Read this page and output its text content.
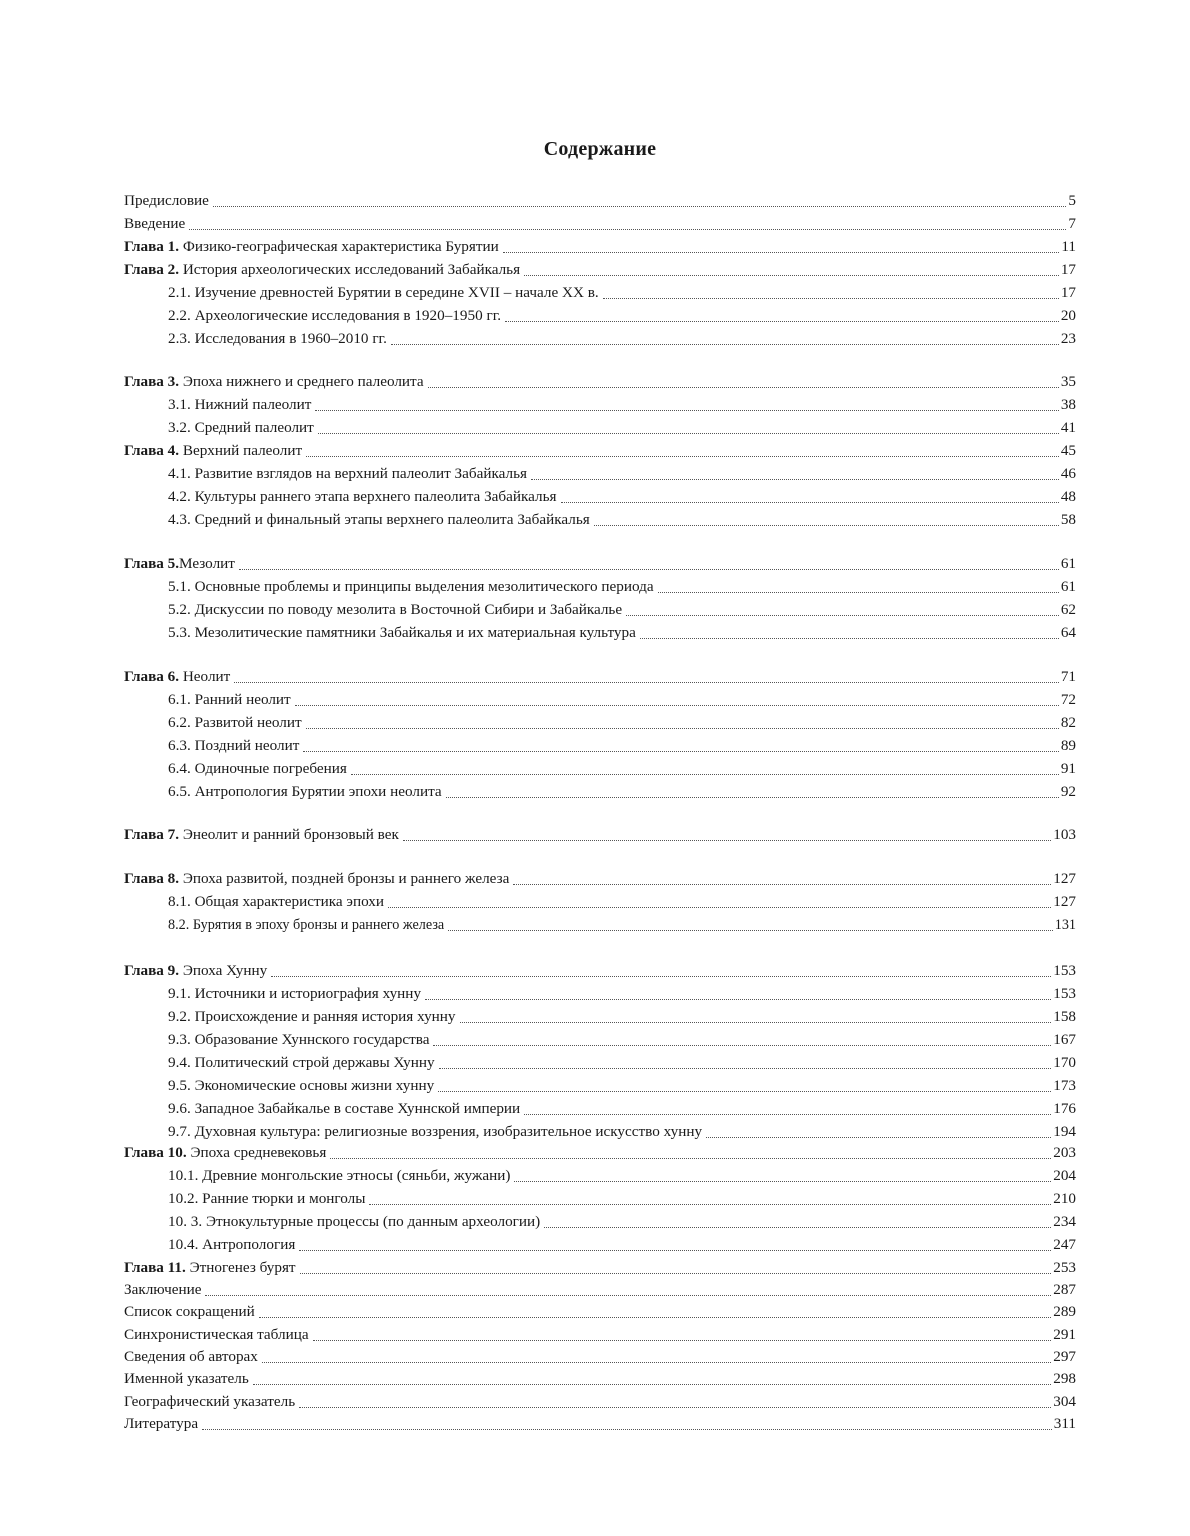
Содержание
Предисловие	5
Введение	7
Глава 1. Физико-географическая характеристика Бурятии	11
Глава 2. История археологических исследований Забайкалья	17
2.1. Изучение древностей Бурятии в середине XVII – начале XX в.	17
2.2. Археологические исследования в 1920–1950 гг.	20
2.3. Исследования в 1960–2010 гг.	23
Глава 3. Эпоха нижнего и среднего палеолита	35
3.1. Нижний палеолит	38
3.2. Средний палеолит	41
Глава 4. Верхний палеолит	45
4.1. Развитие взглядов на верхний палеолит Забайкалья	46
4.2. Культуры раннего этапа верхнего палеолита Забайкалья	48
4.3. Средний и финальный этапы верхнего палеолита Забайкалья	58
Глава 5.Мезолит	61
5.1. Основные проблемы и принципы выделения мезолитического периода	61
5.2. Дискуссии по поводу мезолита в Восточной Сибири и Забайкалье	62
5.3. Мезолитические памятники Забайкалья и их материальная культура	64
Глава 6. Неолит	71
6.1. Ранний неолит	72
6.2. Развитой неолит	82
6.3. Поздний неолит	89
6.4. Одиночные погребения	91
6.5. Антропология Бурятии эпохи неолита	92
Глава 7. Энеолит и ранний бронзовый век	103
Глава 8. Эпоха развитой, поздней бронзы и раннего железа	127
8.1. Общая характеристика эпохи	127
8.2. Бурятия в эпоху бронзы и раннего железа	131
Глава 9. Эпоха Хунну	153
9.1. Источники и историография хунну	153
9.2. Происхождение и ранняя история хунну	158
9.3. Образование Хуннского государства	167
9.4. Политический строй державы Хунну	170
9.5. Экономические основы жизни хунну	173
9.6. Западное Забайкалье в составе Хуннской империи	176
9.7. Духовная культура: религиозные воззрения, изобразительное искусство хунну	194
Глава 10. Эпоха средневековья	203
10.1. Древние монгольские этносы (сяньби, жужани)	204
10.2. Ранние тюрки и монголы	210
10. 3. Этнокультурные процессы (по данным археологии)	234
10.4. Антропология	247
Глава 11. Этногенез бурят	253
Заключение	287
Список сокращений	289
Синхронистическая таблица	291
Сведения об авторах	297
Именной указатель	298
Географический указатель	304
Литература	311
